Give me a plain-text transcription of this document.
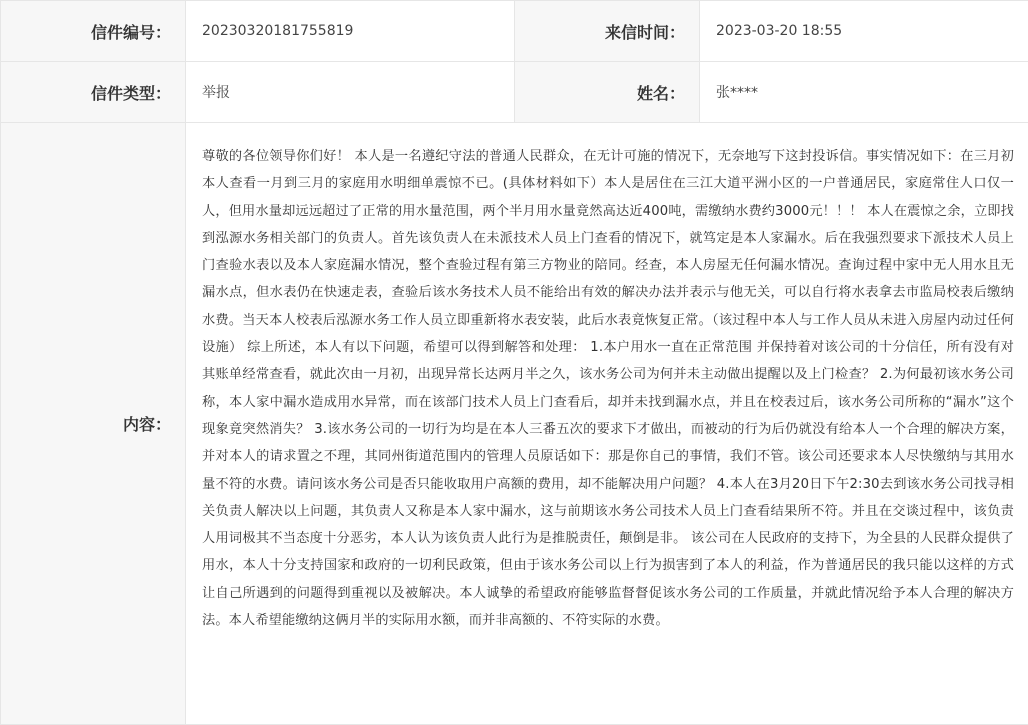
信件编号：	20230320181755819	来信时间：	2023-03-20 18:55
信件类型：	举报	姓名：	张****
内容：	尊敬的各位领导你们好！ 本人是一名遵纪守法的普通人民群众，在无计可施的情况下，无奈地写下这封投诉信。事实情况如下：在三月初本人查看一月到三月的家庭用水明细单震惊不已。(具体材料如下）本人是居住在三江大道平洲小区的一户普通居民，家庭常住人口仅一人，但用水量却远远超过了正常的用水量范围，两个半月用水量竟然高达近400吨，需缴纳水费约3000元！！！ 本人在震惊之余，立即找到泓源水务相关部门的负责人。首先该负责人在未派技术人员上门查看的情况下，就笃定是本人家漏水。后在我强烈要求下派技术人员上门查验水表以及本人家庭漏水情况，整个查验过程有第三方物业的陪同。经查，本人房屋无任何漏水情况。查询过程中家中无人用水且无漏水点，但水表仍在快速走表，查验后该水务技术人员不能给出有效的解决办法并表示与他无关，可以自行将水表拿去市监局校表后缴纳水费。当天本人校表后泓源水务工作人员立即重新将水表安装，此后水表竟恢复正常。（该过程中本人与工作人员从未进入房屋内动过任何设施） 综上所述，本人有以下问题，希望可以得到解答和处理： 1.本户用水一直在正常范围 并保持着对该公司的十分信任，所有没有对其账单经常查看，就此次由一月初，出现异常长达两月半之久，该水务公司为何并未主动做出提醒以及上门检查？ 2.为何最初该水务公司称，本人家中漏水造成用水异常，而在该部门技术人员上门查看后，却并未找到漏水点，并且在校表过后，该水务公司所称的“漏水”这个现象竟突然消失？ 3.该水务公司的一切行为均是在本人三番五次的要求下才做出，而被动的行为后仍就没有给本人一个合理的解决方案，并对本人的请求置之不理，其同州街道范围内的管理人员原话如下：那是你自己的事情，我们不管。该公司还要求本人尽快缴纳与其用水量不符的水费。请问该水务公司是否只能收取用户高额的费用，却不能解决用户问题？ 4.本人在3月20日下午2:30去到该水务公司找寻相关负责人解决以上问题，其负责人又称是本人家中漏水，这与前期该水务公司技术人员上门查看结果所不符。并且在交谈过程中，该负责人用词极其不当态度十分恶劣，本人认为该负责人此行为是推脱责任，颠倒是非。 该公司在人民政府的支持下，为全县的人民群众提供了用水，本人十分支持国家和政府的一切利民政策，但由于该水务公司以上行为损害到了本人的利益，作为普通居民的我只能以这样的方式让自己所遇到的问题得到重视以及被解决。本人诚挚的希望政府能够监督督促该水务公司的工作质量，并就此情况给予本人合理的解决方法。本人希望能缴纳这俩月半的实际用水额，而并非高额的、不符实际的水费。		
